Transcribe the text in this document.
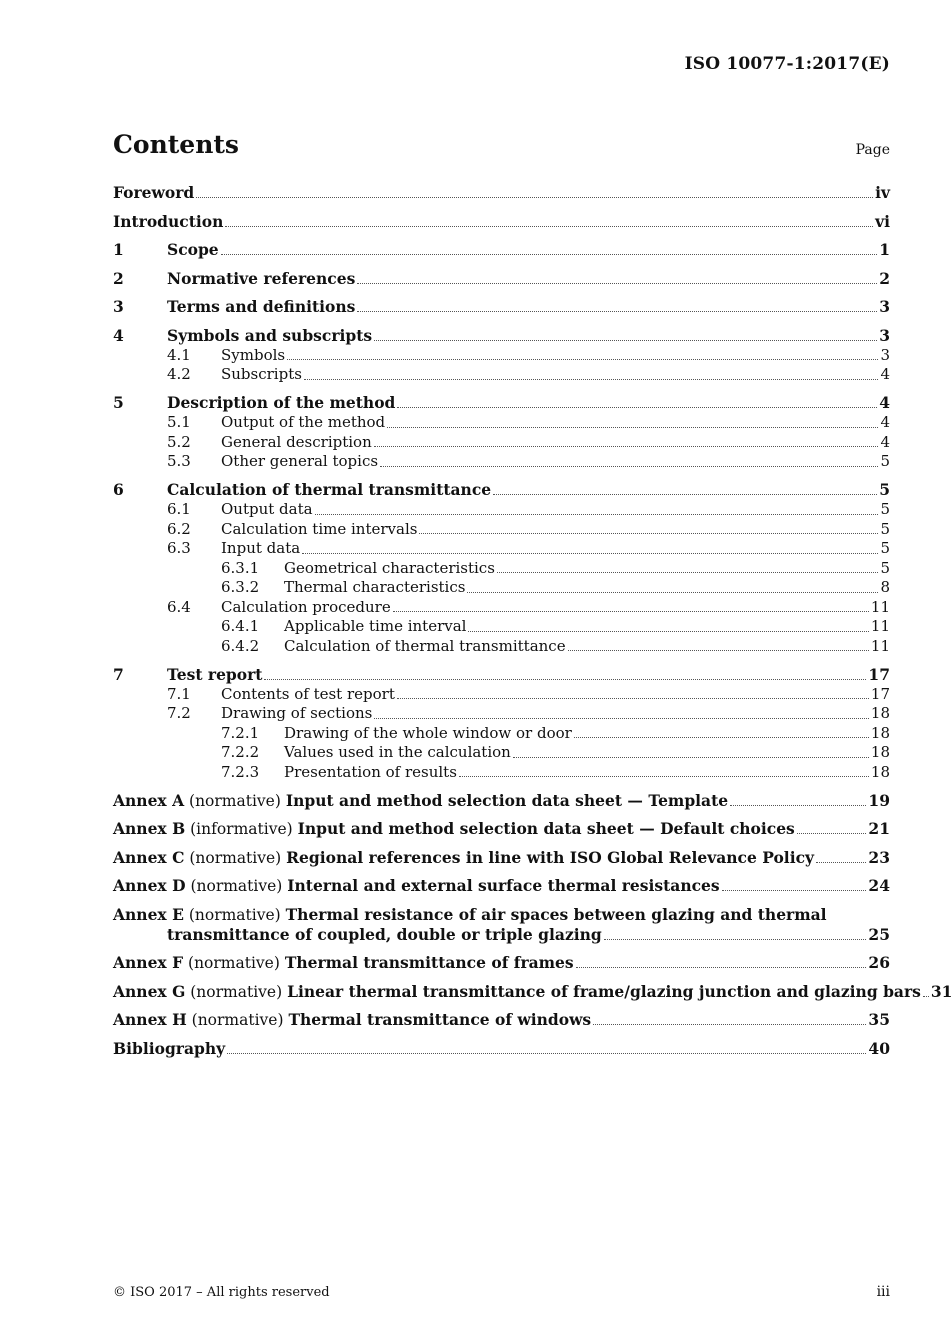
ISO 10077-1:2017(E)
Contents	Page
Foreword	iv
Introduction	vi
1	Scope	1
2	Normative references	2
3	Terms and definitions	3
4	Symbols and subscripts	3
4.1	Symbols	3
4.2	Subscripts	4
5	Description of the method	4
5.1	Output of the method	4
5.2	General description	4
5.3	Other general topics	5
6	Calculation of thermal transmittance	5
6.1	Output data	5
6.2	Calculation time intervals	5
6.3	Input data	5
6.3.1	Geometrical characteristics	5
6.3.2	Thermal characteristics	8
6.4	Calculation procedure	11
6.4.1	Applicable time interval	11
6.4.2	Calculation of thermal transmittance	11
7	Test report	17
7.1	Contents of test report	17
7.2	Drawing of sections	18
7.2.1	Drawing of the whole window or door	18
7.2.2	Values used in the calculation	18
7.2.3	Presentation of results	18
Annex A (normative) Input and method selection data sheet — Template	19
Annex B (informative) Input and method selection data sheet — Default choices	21
Annex C (normative) Regional references in line with ISO Global Relevance Policy	23
Annex D (normative) Internal and external surface thermal resistances	24
Annex E (normative) Thermal resistance of air spaces between glazing and thermal
transmittance of coupled, double or triple glazing	25
Annex F (normative) Thermal transmittance of frames	26
Annex G (normative) Linear thermal transmittance of frame/glazing junction and glazing bars 31
Annex H (normative) Thermal transmittance of windows	35
Bibliography	40
© ISO 2017 – All rights reserved	iii
